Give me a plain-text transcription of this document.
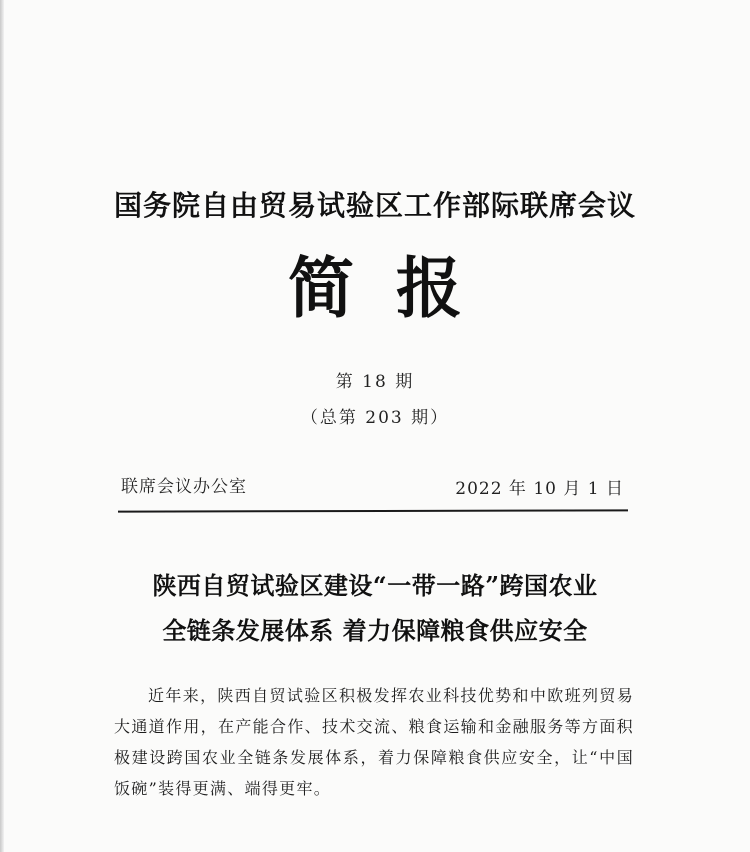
国务院自由贸易试验区工作部际联席会议
简报
第 18 期
（总第 203 期）
联席会议办公室	2022 年 10 月 1 日
陕西自贸试验区建设“一带一路”跨国农业
全链条发展体系 着力保障粮食供应安全
近年来，陕西自贸试验区积极发挥农业科技优势和中欧班列贸易大通道作用，在产能合作、技术交流、粮食运输和金融服务等方面积极建设跨国农业全链条发展体系，着力保障粮食供应安全，让“中国饭碗”装得更满、端得更牢。
